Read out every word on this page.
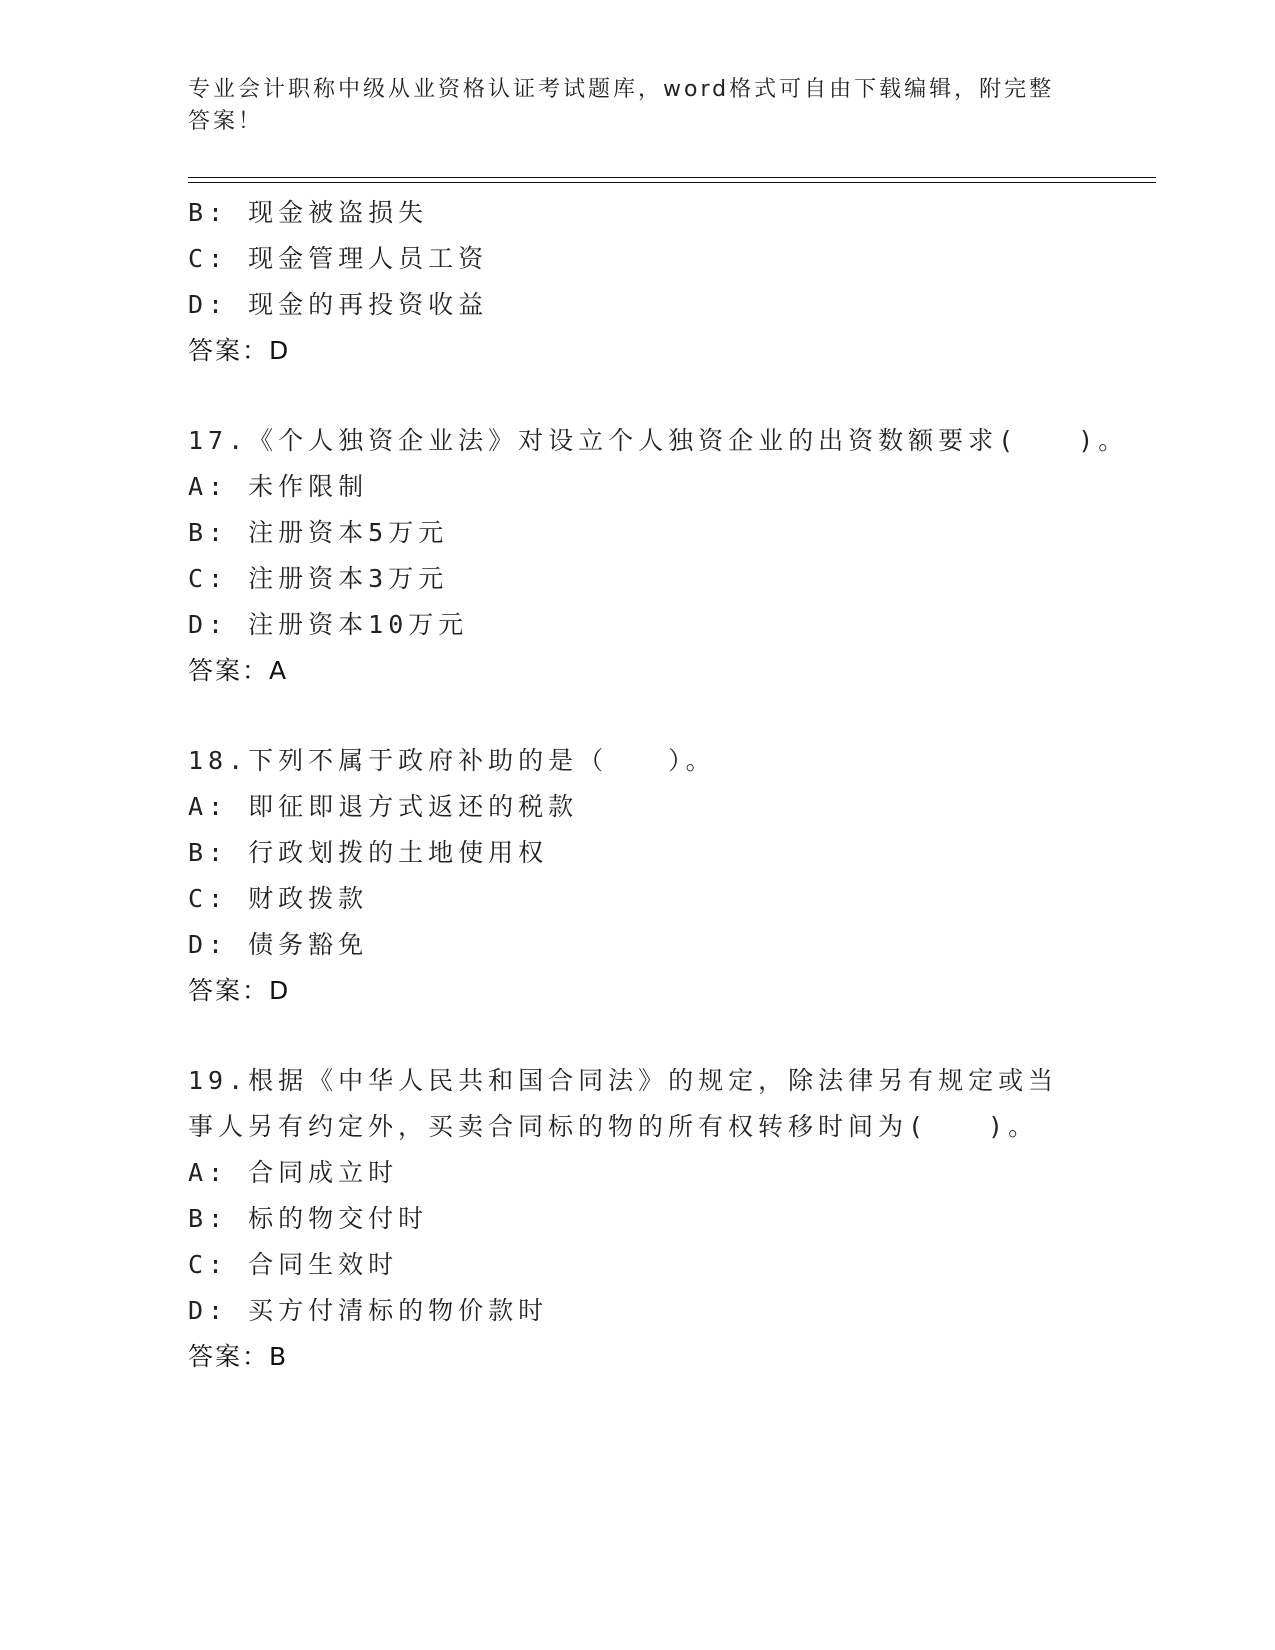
专业会计职称中级从业资格认证考试题库，word格式可自由下载编辑，附完整答案！
B: 现金被盗损失
C: 现金管理人员工资
D: 现金的再投资收益
答案：D
17.《个人独资企业法》对设立个人独资企业的出资数额要求(　　)。
A: 未作限制
B: 注册资本5万元
C: 注册资本3万元
D: 注册资本10万元
答案：A
18.下列不属于政府补助的是（　　）。
A: 即征即退方式返还的税款
B: 行政划拨的土地使用权
C: 财政拨款
D: 债务豁免
答案：D
19.根据《中华人民共和国合同法》的规定，除法律另有规定或当事人另有约定外，买卖合同标的物的所有权转移时间为(　　)。
A: 合同成立时
B: 标的物交付时
C: 合同生效时
D: 买方付清标的物价款时
答案：B
